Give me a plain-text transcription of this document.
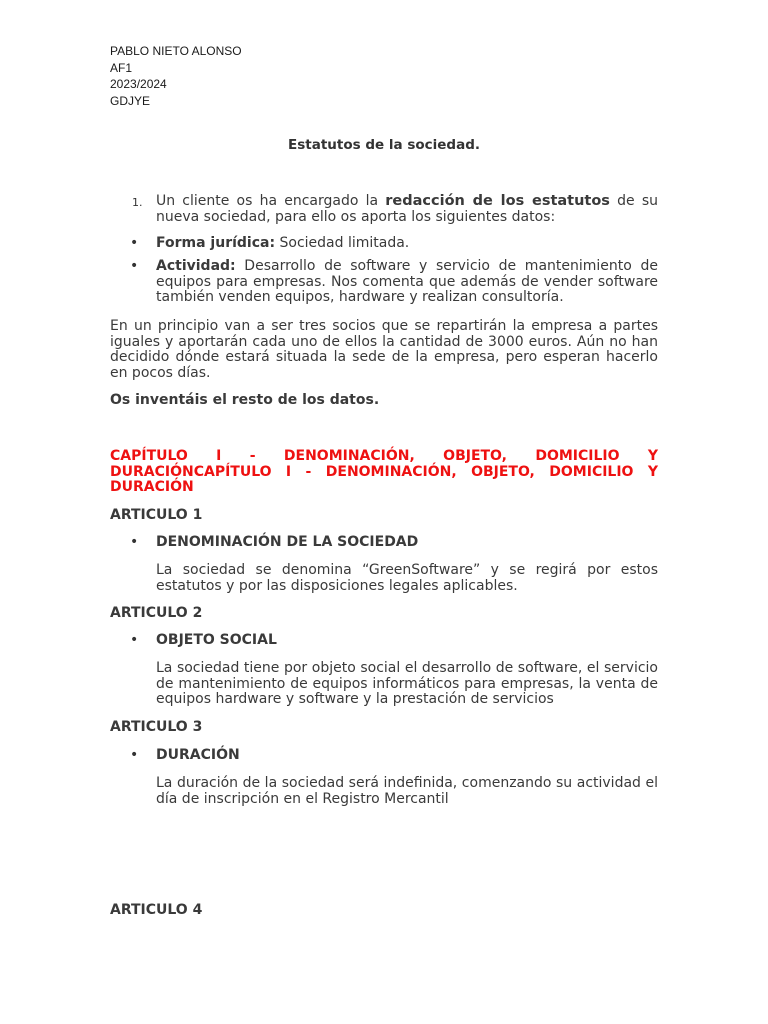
PABLO NIETO ALONSO
AF1
2023/2024
GDJYE
Estatutos de la sociedad.
1. Un cliente os ha encargado la redacción de los estatutos de su nueva sociedad, para ello os aporta los siguientes datos:
• Forma jurídica: Sociedad limitada.
• Actividad: Desarrollo de software y servicio de mantenimiento de equipos para empresas. Nos comenta que además de vender software también venden equipos, hardware y realizan consultoría.
En un principio van a ser tres socios que se repartirán la empresa a partes iguales y aportarán cada uno de ellos la cantidad de 3000 euros. Aún no han decidido dónde estará situada la sede de la empresa, pero esperan hacerlo en pocos días.
Os inventáis el resto de los datos.
CAPÍTULO I - DENOMINACIÓN, OBJETO, DOMICILIO Y DURACIÓNCAPÍTULO I - DENOMINACIÓN, OBJETO, DOMICILIO Y DURACIÓN
ARTICULO 1
• DENOMINACIÓN DE LA SOCIEDAD
La sociedad se denomina “GreenSoftware” y se regirá por estos estatutos y por las disposiciones legales aplicables.
ARTICULO 2
• OBJETO SOCIAL
La sociedad tiene por objeto social el desarrollo de software, el servicio de mantenimiento de equipos informáticos para empresas, la venta de equipos hardware y software y la prestación de servicios
ARTICULO 3
• DURACIÓN
La duración de la sociedad será indefinida, comenzando su actividad el día de inscripción en el Registro Mercantil
ARTICULO 4
